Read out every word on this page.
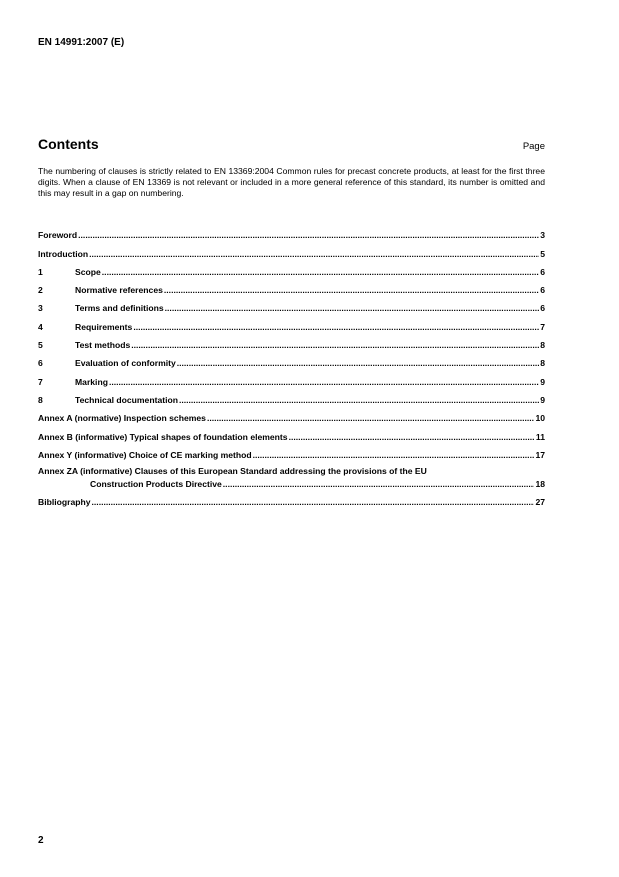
EN 14991:2007 (E)
Contents	Page
The numbering of clauses is strictly related to EN 13369:2004 Common rules for precast concrete products, at least for the first three digits. When a clause of EN 13369 is not relevant or included in a more general reference of this standard, its number is omitted and this may result in a gap on numbering.
Foreword .....	3
Introduction .....	5
1	Scope .....	6
2	Normative references .....	6
3	Terms and definitions .....	6
4	Requirements .....	7
5	Test methods .....	8
6	Evaluation of conformity .....	8
7	Marking .....	9
8	Technical documentation .....	9
Annex A (normative) Inspection schemes .....	10
Annex B (informative) Typical shapes of foundation elements .....	11
Annex Y (informative) Choice of CE marking method .....	17
Annex ZA (informative) Clauses of this European Standard addressing the provisions of the EU
Construction Products Directive .....	18
Bibliography .....	27
2
